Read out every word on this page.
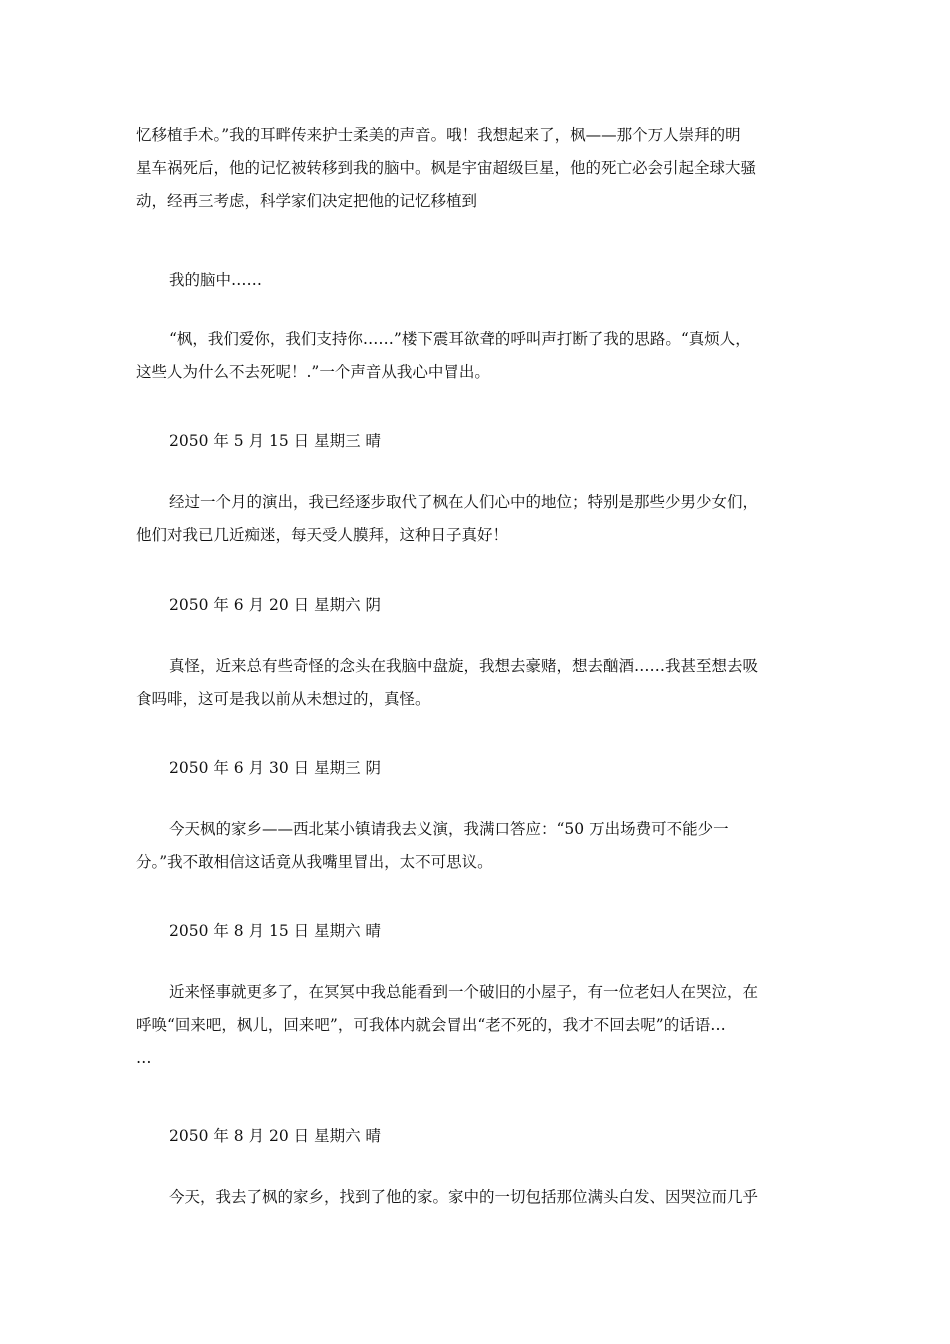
忆移植手术。”我的耳畔传来护士柔美的声音。哦！我想起来了，枫——那个万人崇拜的明
星车祸死后，他的记忆被转移到我的脑中。枫是宇宙超级巨星，他的死亡必会引起全球大骚
动，经再三考虑，科学家们决定把他的记忆移植到
我的脑中……
“枫，我们爱你，我们支持你……”楼下震耳欲聋的呼叫声打断了我的思路。“真烦人，
这些人为什么不去死呢！.”一个声音从我心中冒出。
2050 年 5 月 15 日 星期三 晴
经过一个月的演出，我已经逐步取代了枫在人们心中的地位；特别是那些少男少女们，
他们对我已几近痴迷，每天受人膜拜，这种日子真好！
2050 年 6 月 20 日 星期六 阴
真怪，近来总有些奇怪的念头在我脑中盘旋，我想去豪赌，想去酗酒……我甚至想去吸
食吗啡，这可是我以前从未想过的，真怪。
2050 年 6 月 30 日 星期三 阴
今天枫的家乡——西北某小镇请我去义演，我满口答应：“50 万出场费可不能少一
分。”我不敢相信这话竟从我嘴里冒出，太不可思议。
2050 年 8 月 15 日 星期六 晴
近来怪事就更多了，在冥冥中我总能看到一个破旧的小屋子，有一位老妇人在哭泣，在
呼唤“回来吧，枫儿，回来吧”，可我体内就会冒出“老不死的，我才不回去呢”的话语…
…
2050 年 8 月 20 日 星期六 晴
今天，我去了枫的家乡，找到了他的家。家中的一切包括那位满头白发、因哭泣而几乎
